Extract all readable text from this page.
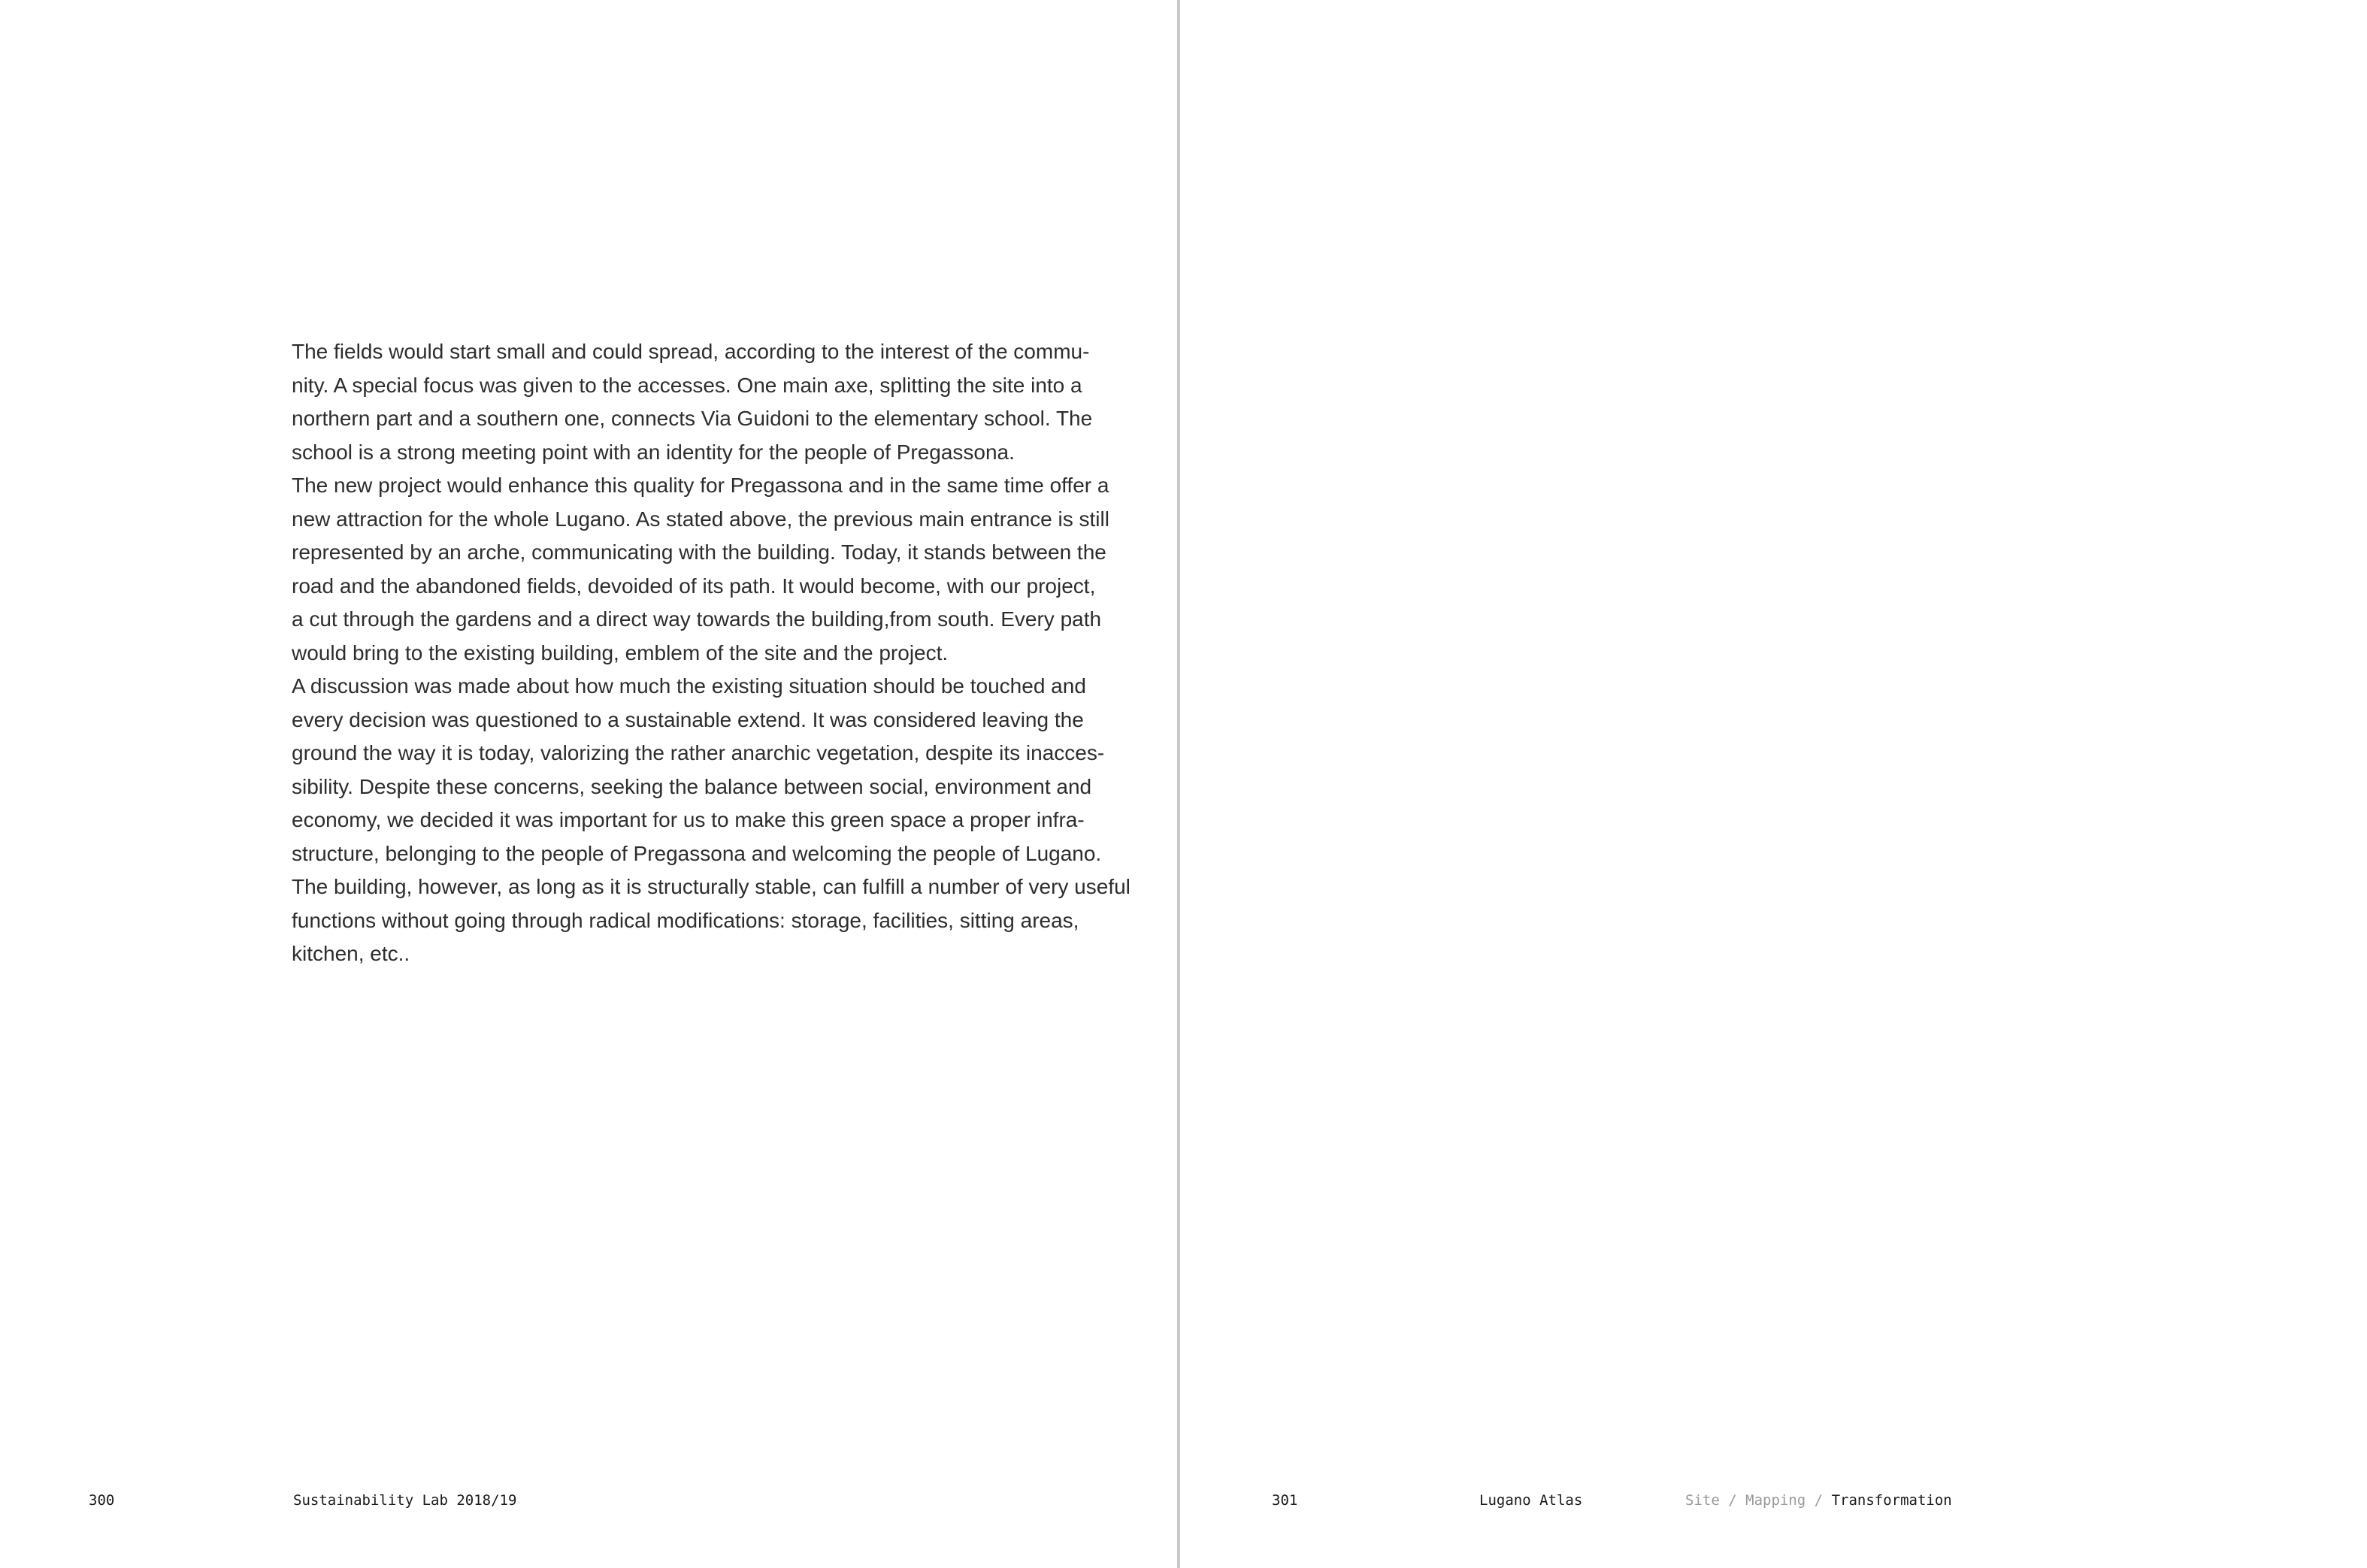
The fields would start small and could spread, according to the interest of the commu-
nity. A special focus was given to the accesses. One main axe, splitting the site into a
northern part and a southern one, connects Via Guidoni to the elementary school. The
school is a strong meeting point with an identity for the people of Pregassona.
The new project would enhance this quality for Pregassona and in the same time offer a
new attraction for the whole Lugano. As stated above, the previous main entrance is still
represented by an arche, communicating with the building. Today, it stands between the
road and the abandoned fields, devoided of its path. It would become, with our project,
a cut through the gardens and a direct way towards the building,from south. Every path
would bring to the existing building, emblem of the site and the project.
A discussion was made about how much the existing situation should be touched and
every decision was questioned to a sustainable extend. It was considered leaving the
ground the way it is today, valorizing the rather anarchic vegetation, despite its inacces-
sibility. Despite these concerns, seeking the balance between social, environment and
economy, we decided it was important for us to make this green space a proper infra-
structure, belonging to the people of Pregassona and welcoming the people of Lugano.
The building, however, as long as it is structurally stable, can fulfill a number of very useful
functions without going through radical modifications: storage, facilities, sitting areas,
kitchen, etc..
300	Sustainability Lab 2018/19	301	Lugano Atlas	Site / Mapping / Transformation
